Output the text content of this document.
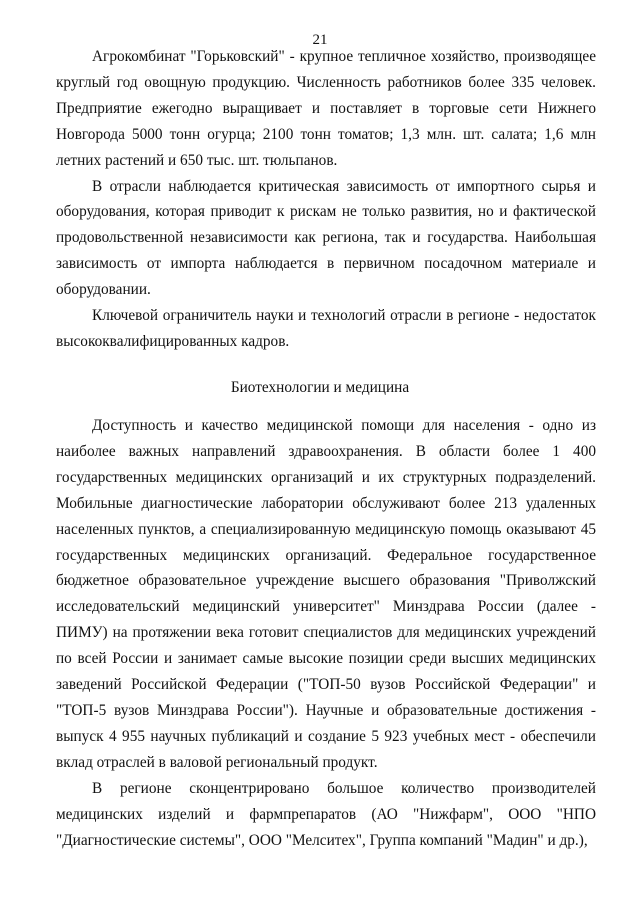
21

Агрокомбинат "Горьковский" - крупное тепличное хозяйство, производящее круглый год овощную продукцию. Численность работников более 335 человек. Предприятие ежегодно выращивает и поставляет в торговые сети Нижнего Новгорода 5000 тонн огурца; 2100 тонн томатов; 1,3 млн. шт. салата; 1,6 млн летних растений и 650 тыс. шт. тюльпанов.

В отрасли наблюдается критическая зависимость от импортного сырья и оборудования, которая приводит к рискам не только развития, но и фактической продовольственной независимости как региона, так и государства. Наибольшая зависимость от импорта наблюдается в первичном посадочном материале и оборудовании.

Ключевой ограничитель науки и технологий отрасли в регионе - недостаток высококвалифицированных кадров.

Биотехнологии и медицина

Доступность и качество медицинской помощи для населения - одно из наиболее важных направлений здравоохранения. В области более 1 400 государственных медицинских организаций и их структурных подразделений. Мобильные диагностические лаборатории обслуживают более 213 удаленных населенных пунктов, а специализированную медицинскую помощь оказывают 45 государственных медицинских организаций. Федеральное государственное бюджетное образовательное учреждение высшего образования "Приволжский исследовательский медицинский университет" Минздрава России (далее - ПИМУ) на протяжении века готовит специалистов для медицинских учреждений по всей России и занимает самые высокие позиции среди высших медицинских заведений Российской Федерации ("ТОП-50 вузов Российской Федерации" и "ТОП-5 вузов Минздрава России"). Научные и образовательные достижения - выпуск 4 955 научных публикаций и создание 5 923 учебных мест - обеспечили вклад отраслей в валовой региональный продукт.

В регионе сконцентрировано большое количество производителей медицинских изделий и фармпрепаратов (АО "Нижфарм", ООО "НПО "Диагностические системы", ООО "Мелситех", Группа компаний "Мадин" и др.),
